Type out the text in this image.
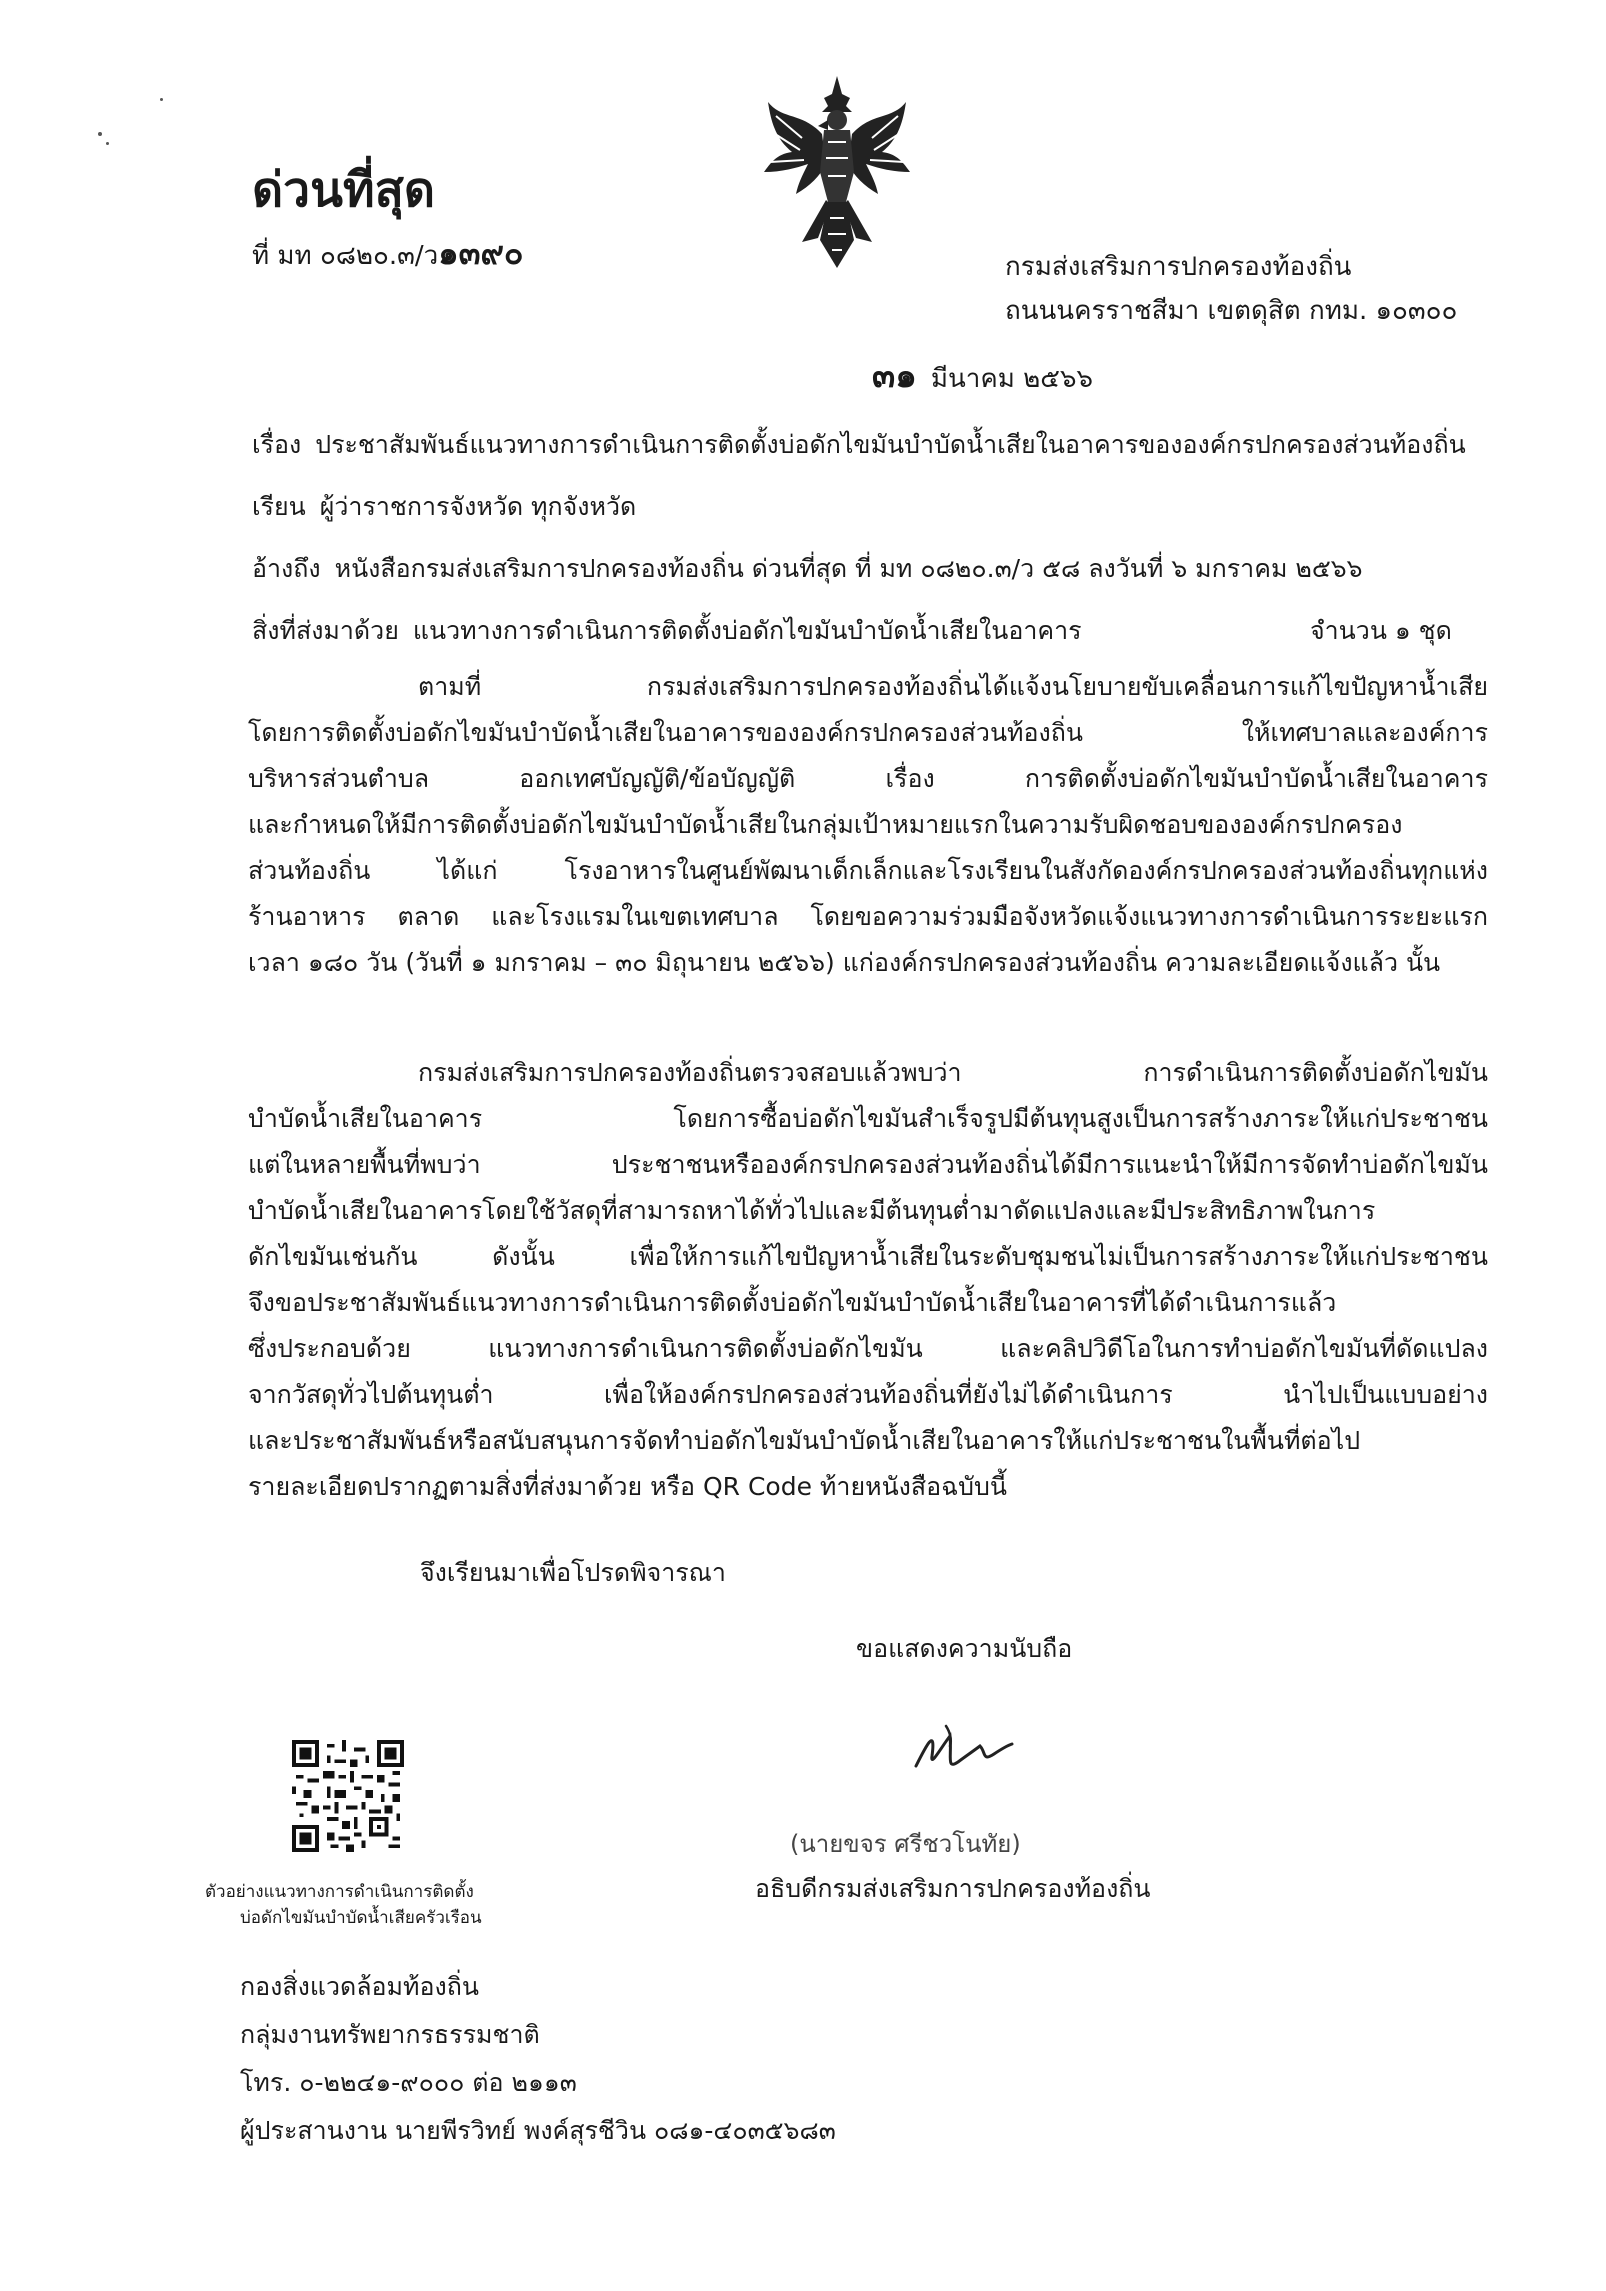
ด่วนที่สุด
ที่ มท ๐๘๒๐.๓/ว๑๓๙๐	กรมส่งเสริมการปกครองท้องถิ่น
ถนนนครราชสีมา เขตดุสิต กทม. ๑๐๓๐๐
๓๑ มีนาคม ๒๕๖๖
เรื่อง ประชาสัมพันธ์แนวทางการดำเนินการติดตั้งบ่อดักไขมันบำบัดน้ำเสียในอาคารขององค์กรปกครองส่วนท้องถิ่น
เรียน ผู้ว่าราชการจังหวัด ทุกจังหวัด
อ้างถึง หนังสือกรมส่งเสริมการปกครองท้องถิ่น ด่วนที่สุด ที่ มท ๐๘๒๐.๓/ว ๕๘ ลงวันที่ ๖ มกราคม ๒๕๖๖
สิ่งที่ส่งมาด้วย แนวทางการดำเนินการติดตั้งบ่อดักไขมันบำบัดน้ำเสียในอาคาร	จำนวน ๑ ชุด
ตามที่ กรมส่งเสริมการปกครองท้องถิ่นได้แจ้งนโยบายขับเคลื่อนการแก้ไขปัญหาน้ำเสีย
โดยการติดตั้งบ่อดักไขมันบำบัดน้ำเสียในอาคารขององค์กรปกครองส่วนท้องถิ่น ให้เทศบาลและองค์การ
บริหารส่วนตำบล ออกเทศบัญญัติ/ข้อบัญญัติ เรื่อง การติดตั้งบ่อดักไขมันบำบัดน้ำเสียในอาคาร
และกำหนดให้มีการติดตั้งบ่อดักไขมันบำบัดน้ำเสียในกลุ่มเป้าหมายแรกในความรับผิดชอบขององค์กรปกครอง
ส่วนท้องถิ่น ได้แก่ โรงอาหารในศูนย์พัฒนาเด็กเล็กและโรงเรียนในสังกัดองค์กรปกครองส่วนท้องถิ่นทุกแห่ง
ร้านอาหาร ตลาด และโรงแรมในเขตเทศบาล โดยขอความร่วมมือจังหวัดแจ้งแนวทางการดำเนินการระยะแรก
เวลา ๑๘๐ วัน (วันที่ ๑ มกราคม – ๓๐ มิถุนายน ๒๕๖๖) แก่องค์กรปกครองส่วนท้องถิ่น ความละเอียดแจ้งแล้ว นั้น
กรมส่งเสริมการปกครองท้องถิ่นตรวจสอบแล้วพบว่า การดำเนินการติดตั้งบ่อดักไขมัน
บำบัดน้ำเสียในอาคาร โดยการซื้อบ่อดักไขมันสำเร็จรูปมีต้นทุนสูงเป็นการสร้างภาระให้แก่ประชาชน
แต่ในหลายพื้นที่พบว่า ประชาชนหรือองค์กรปกครองส่วนท้องถิ่นได้มีการแนะนำให้มีการจัดทำบ่อดักไขมัน
บำบัดน้ำเสียในอาคารโดยใช้วัสดุที่สามารถหาได้ทั่วไปและมีต้นทุนต่ำมาดัดแปลงและมีประสิทธิภาพในการ
ดักไขมันเช่นกัน ดังนั้น เพื่อให้การแก้ไขปัญหาน้ำเสียในระดับชุมชนไม่เป็นการสร้างภาระให้แก่ประชาชน
จึงขอประชาสัมพันธ์แนวทางการดำเนินการติดตั้งบ่อดักไขมันบำบัดน้ำเสียในอาคารที่ได้ดำเนินการแล้ว
ซึ่งประกอบด้วย แนวทางการดำเนินการติดตั้งบ่อดักไขมัน และคลิปวิดีโอในการทำบ่อดักไขมันที่ดัดแปลง
จากวัสดุทั่วไปต้นทุนต่ำ เพื่อให้องค์กรปกครองส่วนท้องถิ่นที่ยังไม่ได้ดำเนินการ นำไปเป็นแบบอย่าง
และประชาสัมพันธ์หรือสนับสนุนการจัดทำบ่อดักไขมันบำบัดน้ำเสียในอาคารให้แก่ประชาชนในพื้นที่ต่อไป
รายละเอียดปรากฏตามสิ่งที่ส่งมาด้วย หรือ QR Code ท้ายหนังสือฉบับนี้
จึงเรียนมาเพื่อโปรดพิจารณา
ขอแสดงความนับถือ
(นายขจร ศรีชวโนทัย)
อธิบดีกรมส่งเสริมการปกครองท้องถิ่น
ตัวอย่างแนวทางการดำเนินการติดตั้ง
บ่อดักไขมันบำบัดน้ำเสียครัวเรือน
กองสิ่งแวดล้อมท้องถิ่น
กลุ่มงานทรัพยากรธรรมชาติ
โทร. ๐-๒๒๔๑-๙๐๐๐ ต่อ ๒๑๑๓
ผู้ประสานงาน นายพีรวิทย์ พงค์สุรชีวิน ๐๘๑-๔๐๓๕๖๘๓
